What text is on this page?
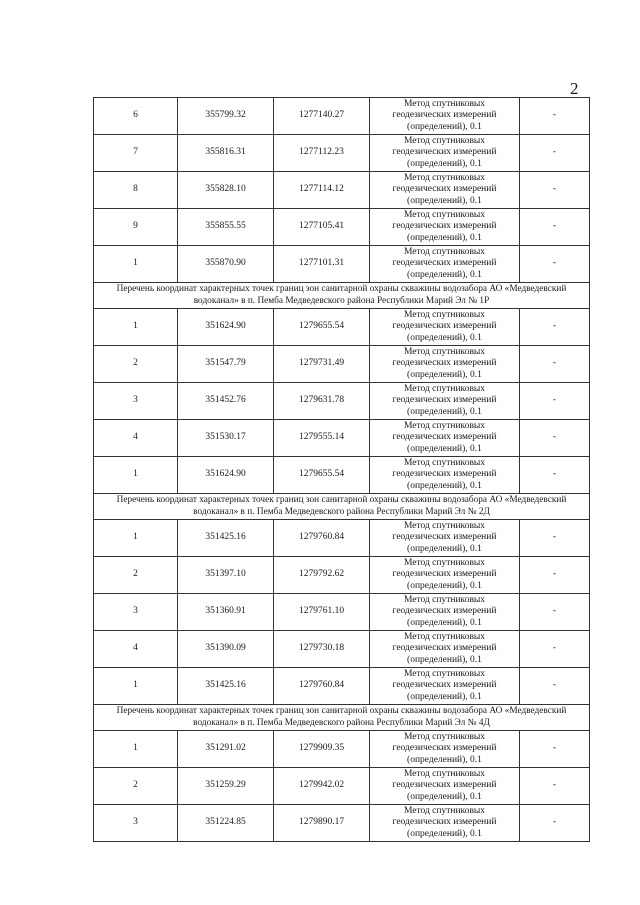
2
6	355799.32	1277140.27	Метод спутниковых
геодезических измерений
(определений), 0.1	-
7	355816.31	1277112.23	Метод спутниковых
геодезических измерений
(определений), 0.1	-
8	355828.10	1277114.12	Метод спутниковых
геодезических измерений
(определений), 0.1	-
9	355855.55	1277105.41	Метод спутниковых
геодезических измерений
(определений), 0.1	-
1	355870.90	1277101.31	Метод спутниковых
геодезических измерений
(определений), 0.1	-

Перечень координат характерных точек границ зон санитарной охраны скважины водозабора АО «Медведевский
водоканал» в п. Пемба Медведевского района Республики Марий Эл № 1Р				

1	351624.90	1279655.54	Метод спутниковых
геодезических измерений
(определений), 0.1	-
2	351547.79	1279731.49	Метод спутниковых
геодезических измерений
(определений), 0.1	-
3	351452.76	1279631.78	Метод спутниковых
геодезических измерений
(определений), 0.1	-
4	351530.17	1279555.14	Метод спутниковых
геодезических измерений
(определений), 0.1	-
1	351624.90	1279655.54	Метод спутниковых
геодезических измерений
(определений), 0.1	-

Перечень координат характерных точек границ зон санитарной охраны скважины водозабора АО «Медведевский
водоканал» в п. Пемба Медведевского района Республики Марий Эл № 2Д				

1	351425.16	1279760.84	Метод спутниковых
геодезических измерений
(определений), 0.1	-
2	351397.10	1279792.62	Метод спутниковых
геодезических измерений
(определений), 0.1	-
3	351360.91	1279761.10	Метод спутниковых
геодезических измерений
(определений), 0.1	-
4	351390.09	1279730.18	Метод спутниковых
геодезических измерений
(определений), 0.1	-
1	351425.16	1279760.84	Метод спутниковых
геодезических измерений
(определений), 0.1	-

Перечень координат характерных точек границ зон санитарной охраны скважины водозабора АО «Медведевский
водоканал» в п. Пемба Медведевского района Республики Марий Эл № 4Д				

1	351291.02	1279909.35	Метод спутниковых
геодезических измерений
(определений), 0.1	-
2	351259.29	1279942.02	Метод спутниковых
геодезических измерений
(определений), 0.1	-
3	351224.85	1279890.17	Метод спутниковых
геодезических измерений
(определений), 0.1	-
